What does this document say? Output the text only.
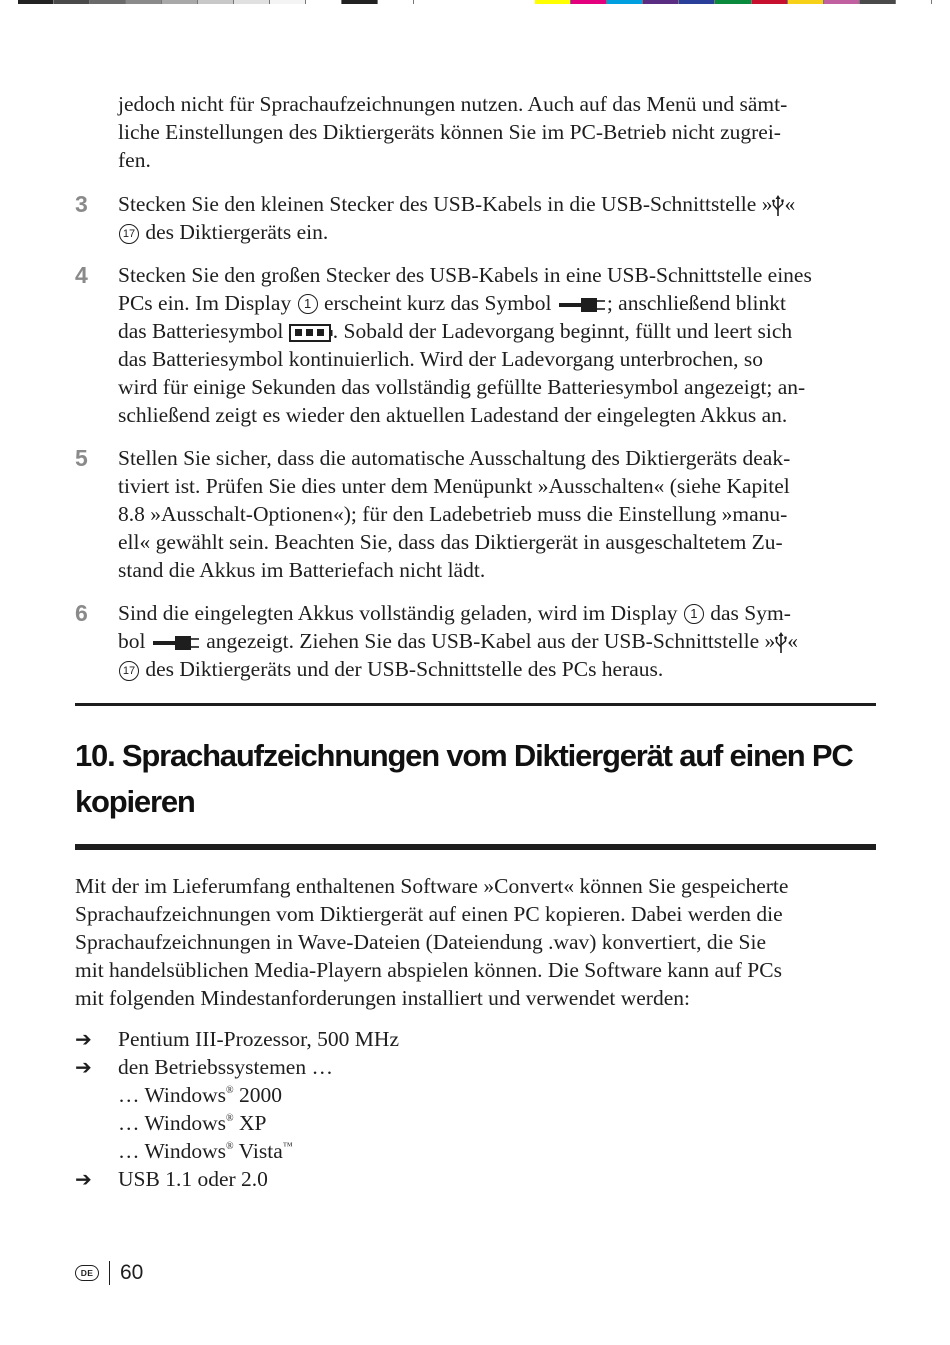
jedoch nicht für Sprachaufzeichnungen nutzen. Auch auf das Menü und sämt-
liche Einstellungen des Diktiergeräts können Sie im PC-Betrieb nicht zugrei-
fen.
3	Stecken Sie den kleinen Stecker des USB-Kabels in die USB-Schnittstelle » «
17 des Diktiergeräts ein.
4	Stecken Sie den großen Stecker des USB-Kabels in eine USB-Schnittstelle eines
PCs ein. Im Display 1 erscheint kurz das Symbol ; anschließend blinkt
das Batteriesymbol . Sobald der Ladevorgang beginnt, füllt und leert sich
das Batteriesymbol kontinuierlich. Wird der Ladevorgang unterbrochen, so
wird für einige Sekunden das vollständig gefüllte Batteriesymbol angezeigt; an-
schließend zeigt es wieder den aktuellen Ladestand der eingelegten Akkus an.
5	Stellen Sie sicher, dass die automatische Ausschaltung des Diktiergeräts deak-
tiviert ist. Prüfen Sie dies unter dem Menüpunkt »Ausschalten« (siehe Kapitel
8.8 »Ausschalt-Optionen«); für den Ladebetrieb muss die Einstellung »manu-
ell« gewählt sein. Beachten Sie, dass das Diktiergerät in ausgeschaltetem Zu-
stand die Akkus im Batteriefach nicht lädt.
6	Sind die eingelegten Akkus vollständig geladen, wird im Display 1 das Sym-
bol  angezeigt. Ziehen Sie das USB-Kabel aus der USB-Schnittstelle » «
17 des Diktiergeräts und der USB-Schnittstelle des PCs heraus.
10. Sprachaufzeichnungen vom Diktiergerät auf einen PC
kopieren
Mit der im Lieferumfang enthaltenen Software »Convert« können Sie gespeicherte
Sprachaufzeichnungen vom Diktiergerät auf einen PC kopieren. Dabei werden die
Sprachaufzeichnungen in Wave-Dateien (Dateiendung .wav) konvertiert, die Sie
mit handelsüblichen Media-Playern abspielen können. Die Software kann auf PCs
mit folgenden Mindestanforderungen installiert und verwendet werden:
➔	Pentium III-Prozessor, 500 MHz
➔	den Betriebssystemen …
… Windows® 2000
… Windows® XP
… Windows® Vista™
➔	USB 1.1 oder 2.0
DE 60
